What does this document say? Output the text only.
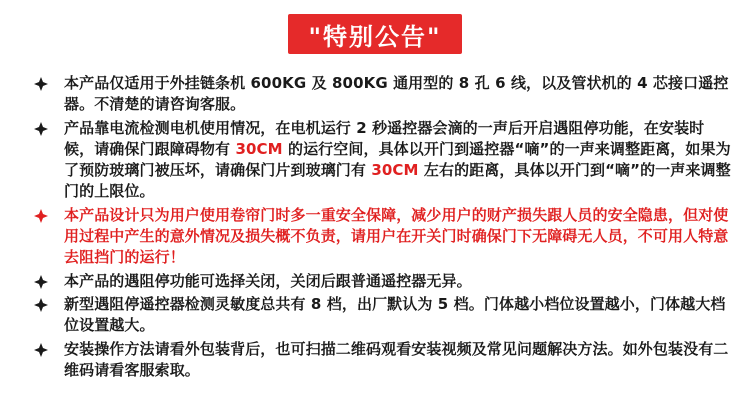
"特别公告"
本产品仅适用于外挂链条机 600KG 及 800KG 通用型的 8 孔 6 线，以及管状机的 4 芯接口遥控器。不清楚的请咨询客服。
产品靠电流检测电机使用情况，在电机运行 2 秒遥控器会滴的一声后开启遇阻停功能，在安装时候，请确保门跟障碍物有 30CM 的运行空间，具体以开门到遥控器“嘀”的一声来调整距离，如果为了预防玻璃门被压坏，请确保门片到玻璃门有 30CM 左右的距离，具体以开门到“嘀”的一声来调整门的上限位。
本产品设计只为用户使用卷帘门时多一重安全保障，减少用户的财产损失跟人员的安全隐患，但对使用过程中产生的意外情况及损失概不负责，请用户在开关门时确保门下无障碍无人员，不可用人特意去阻挡门的运行！
本产品的遇阻停功能可选择关闭，关闭后跟普通遥控器无异。
新型遇阻停遥控器检测灵敏度总共有 8 档，出厂默认为 5 档。门体越小档位设置越小，门体越大档位设置越大。
安装操作方法请看外包装背后，也可扫描二维码观看安装视频及常见问题解决方法。如外包装没有二维码请看客服索取。
